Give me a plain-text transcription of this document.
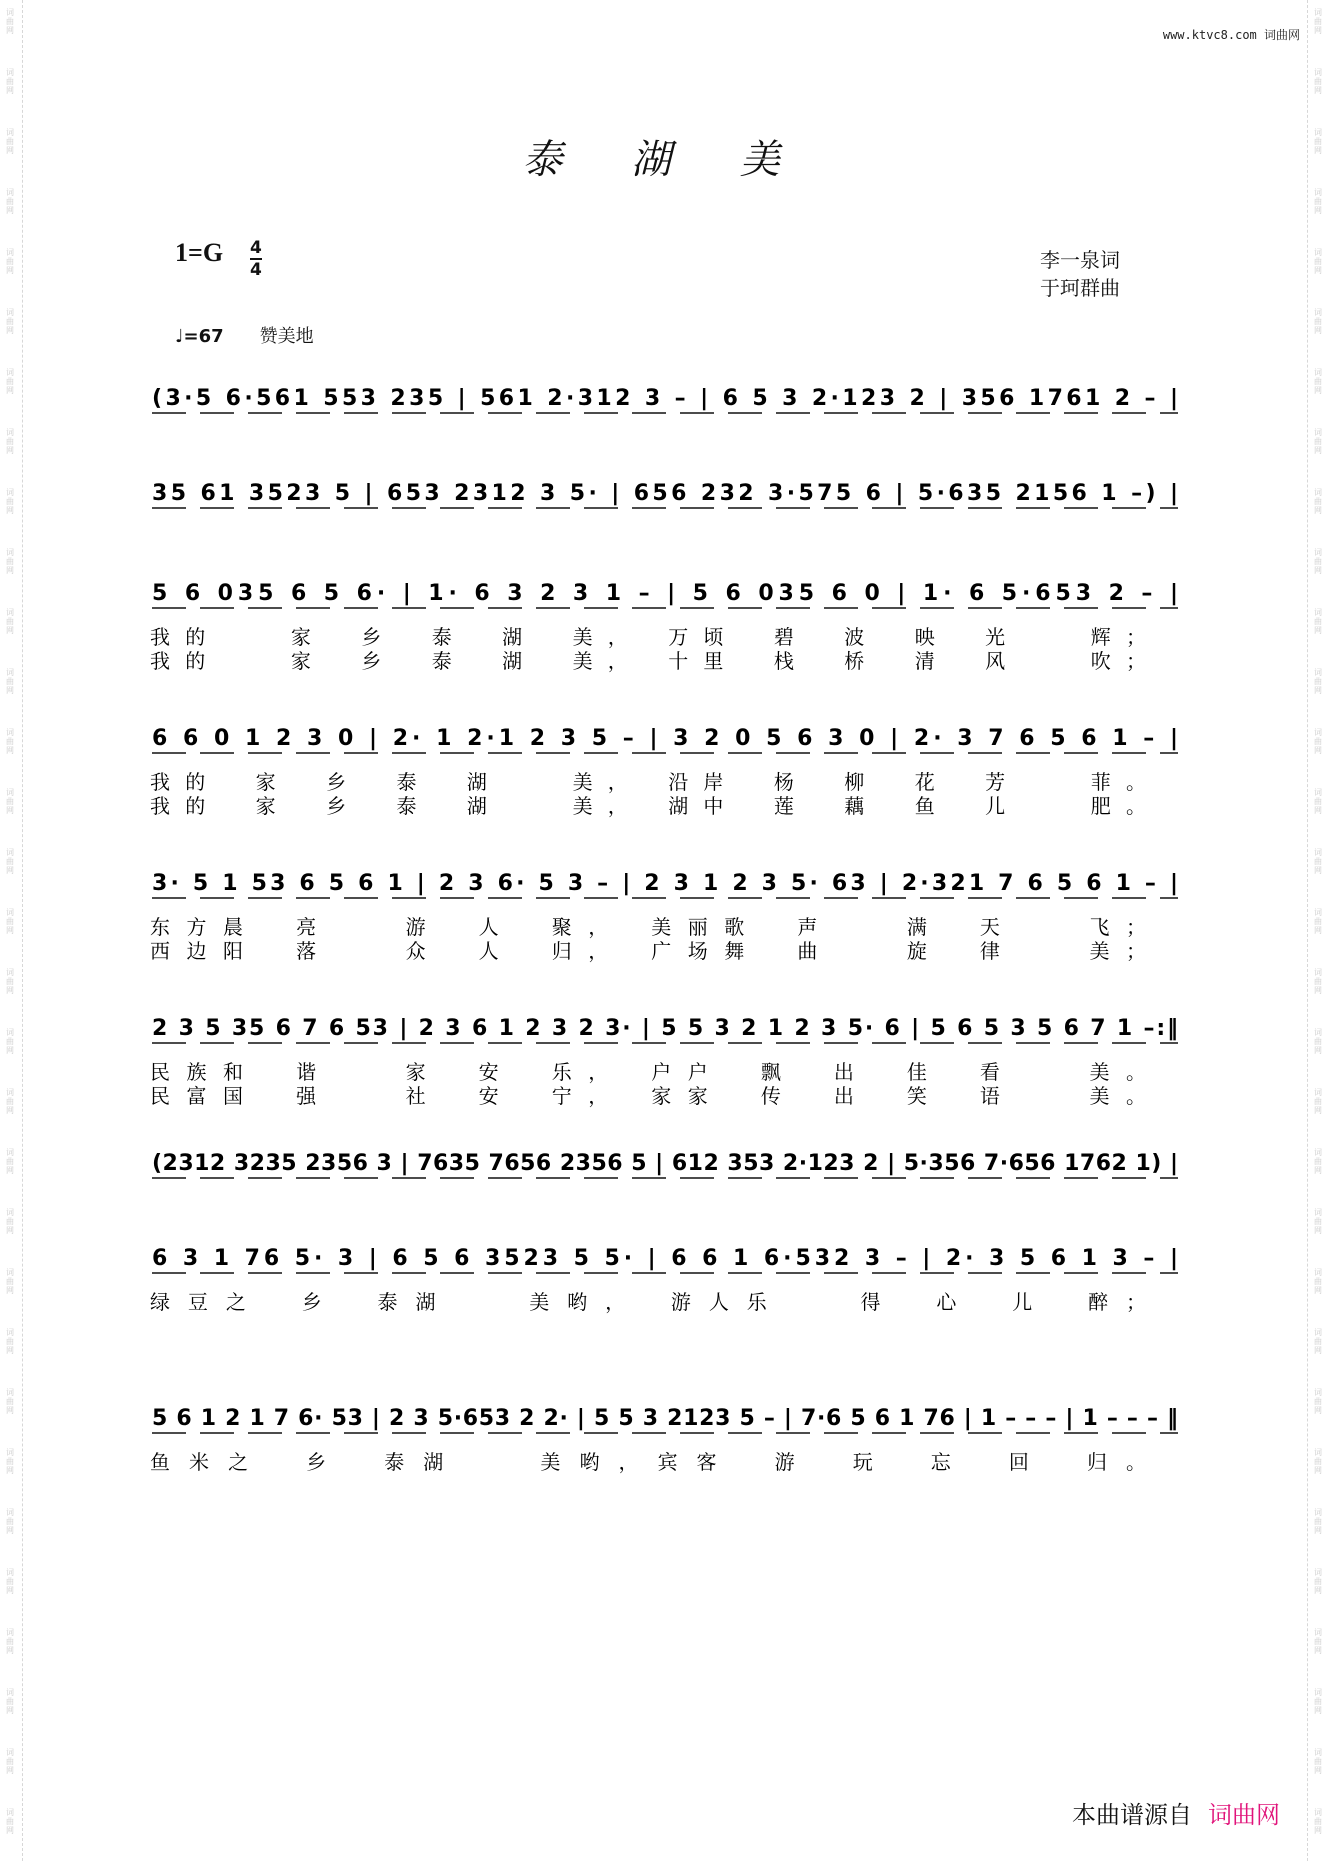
词曲网
词曲网
词曲网
词曲网
词曲网
词曲网
词曲网
词曲网
词曲网
词曲网
词曲网
词曲网
词曲网
词曲网
词曲网
词曲网
词曲网
词曲网
词曲网
词曲网
词曲网
词曲网
词曲网
词曲网
词曲网
词曲网
词曲网
词曲网
词曲网
词曲网
词曲网
词曲网
词曲网
词曲网
词曲网
词曲网
词曲网
词曲网
词曲网
词曲网
词曲网
词曲网
词曲网
词曲网
词曲网
词曲网
词曲网
词曲网
词曲网
词曲网
词曲网
词曲网
词曲网
词曲网
词曲网
词曲网
词曲网
词曲网
词曲网
词曲网
词曲网
词曲网
www.ktvc8.com 词曲网
泰 湖 美
1=G 4
4	李一泉词
于珂群曲
♩=67 赞美地
(3·5 6·561 553 235 | 561 2·312 3 – | 6 5 3 2·123 2 | 356 1761 2 – |
35 61 3523 5 | 653 2312 3 5· | 656 232 3·575 6 | 5·635 2156 1 –) |
5 6 035 6 5 6· | 1· 6 3 2 3 1 – | 5 6 035 6 0 | 1· 6 5·653 2 – |
我的　　家　乡　泰　湖　美，　万顷　碧　波　映　光　　辉；
我的　　家　乡　泰　湖　美，　十里　栈　桥　清　风　　吹；
6 6 0 1 2 3 0 | 2· 1 2·1 2 3 5 – | 3 2 0 5 6 3 0 | 2· 3 7 6 5 6 1 – |
我的　家　乡　泰　湖　　美，　沿岸　杨　柳　花　芳　　菲。
我的　家　乡　泰　湖　　美，　湖中　莲　藕　鱼　儿　　肥。
3· 5 1 53 6 5 6 1 | 2 3 6· 5 3 – | 2 3 1 2 3 5· 63 | 2·321 7 6 5 6 1 – |
东方晨　亮　　游　人　聚，　美丽歌　声　　满　天　　飞；
西边阳　落　　众　人　归，　广场舞　曲　　旋　律　　美；
2 3 5 35 6 7 6 53 | 2 3 6 1 2 3 2 3· | 5 5 3 2 1 2 3 5· 6 | 5 6 5 3 5 6 7 1 –:‖
民族和　谐　　家　安　乐，　户户　飘　出　佳　看　　美。
民富国　强　　社　安　宁，　家家　传　出　笑　语　　美。
(2312 3235 2356 3 | 7635 7656 2356 5 | 612 353 2·123 2 | 5·356 7·656 1762 1) |
6 3 1 76 5· 3 | 6 5 6 3523 5 5· | 6 6 1 6·532 3 – | 2· 3 5 6 1 3 – |
绿豆之　乡　泰湖　　美哟，　游人乐　　得　心　儿　醉；
5 6 1 2 1 7 6· 53 | 2 3 5·653 2 2· | 5 5 3 2123 5 – | 7·6 5 6 1 76 | 1 – – – | 1 – – – ‖
鱼米之　乡　泰湖　　美哟，宾客　游　玩　忘　回　归。
本曲谱源自 词曲网
